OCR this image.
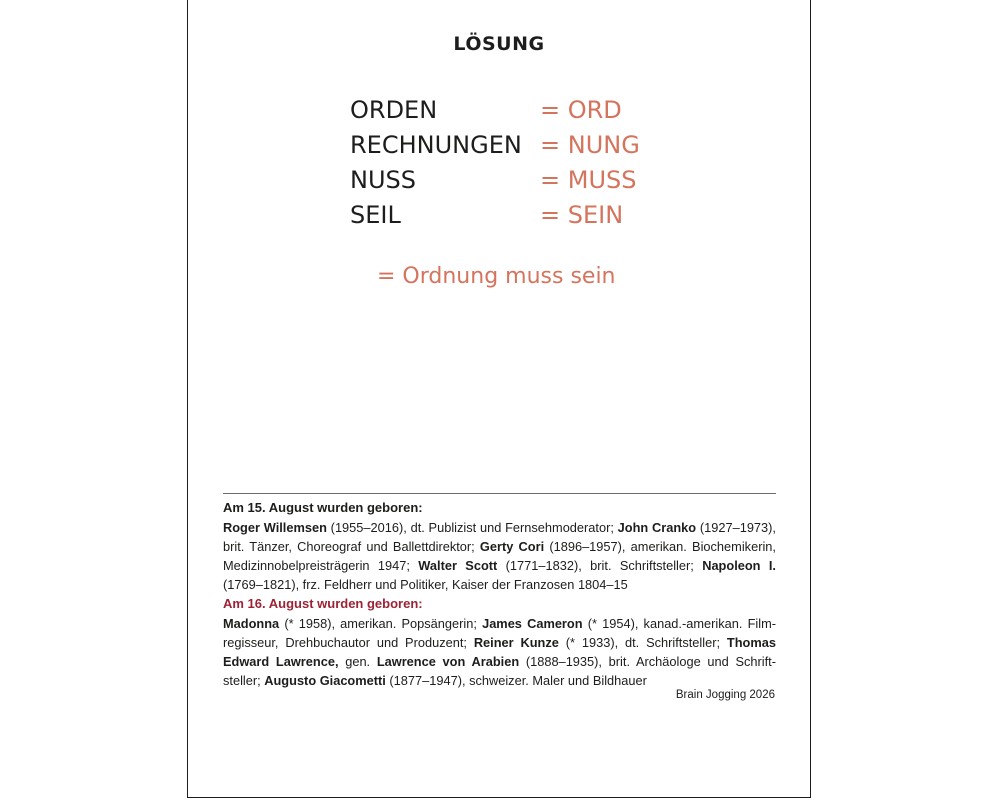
LÖSUNG
ORDEN	= ORD
RECHNUNGEN = NUNG
NUSS	= MUSS
SEIL	= SEIN
= Ordnung muss sein
Am 15. August wurden geboren:
Roger Willemsen (1955–2016), dt. Publizist und Fernsehmoderator; John Cranko (1927–1973), brit. Tänzer, Choreograf und Ballettdirektor; Gerty Cori (1896–1957), amerikan. Biochemikerin, Medizinnobelpreisträgerin 1947; Walter Scott (1771–1832), brit. Schriftsteller; Napoleon I. (1769–1821), frz. Feldherr und Politiker, Kaiser der Franzosen 1804–15
Am 16. August wurden geboren:
Madonna (* 1958), amerikan. Popsängerin; James Cameron (* 1954), kanad.-amerikan. Filmregisseur, Drehbuchautor und Produzent; Reiner Kunze (* 1933), dt. Schriftsteller; Thomas Edward Lawrence, gen. Lawrence von Arabien (1888–1935), brit. Archäologe und Schriftsteller; Augusto Giacometti (1877–1947), schweizer. Maler und Bildhauer
Brain Jogging 2026
